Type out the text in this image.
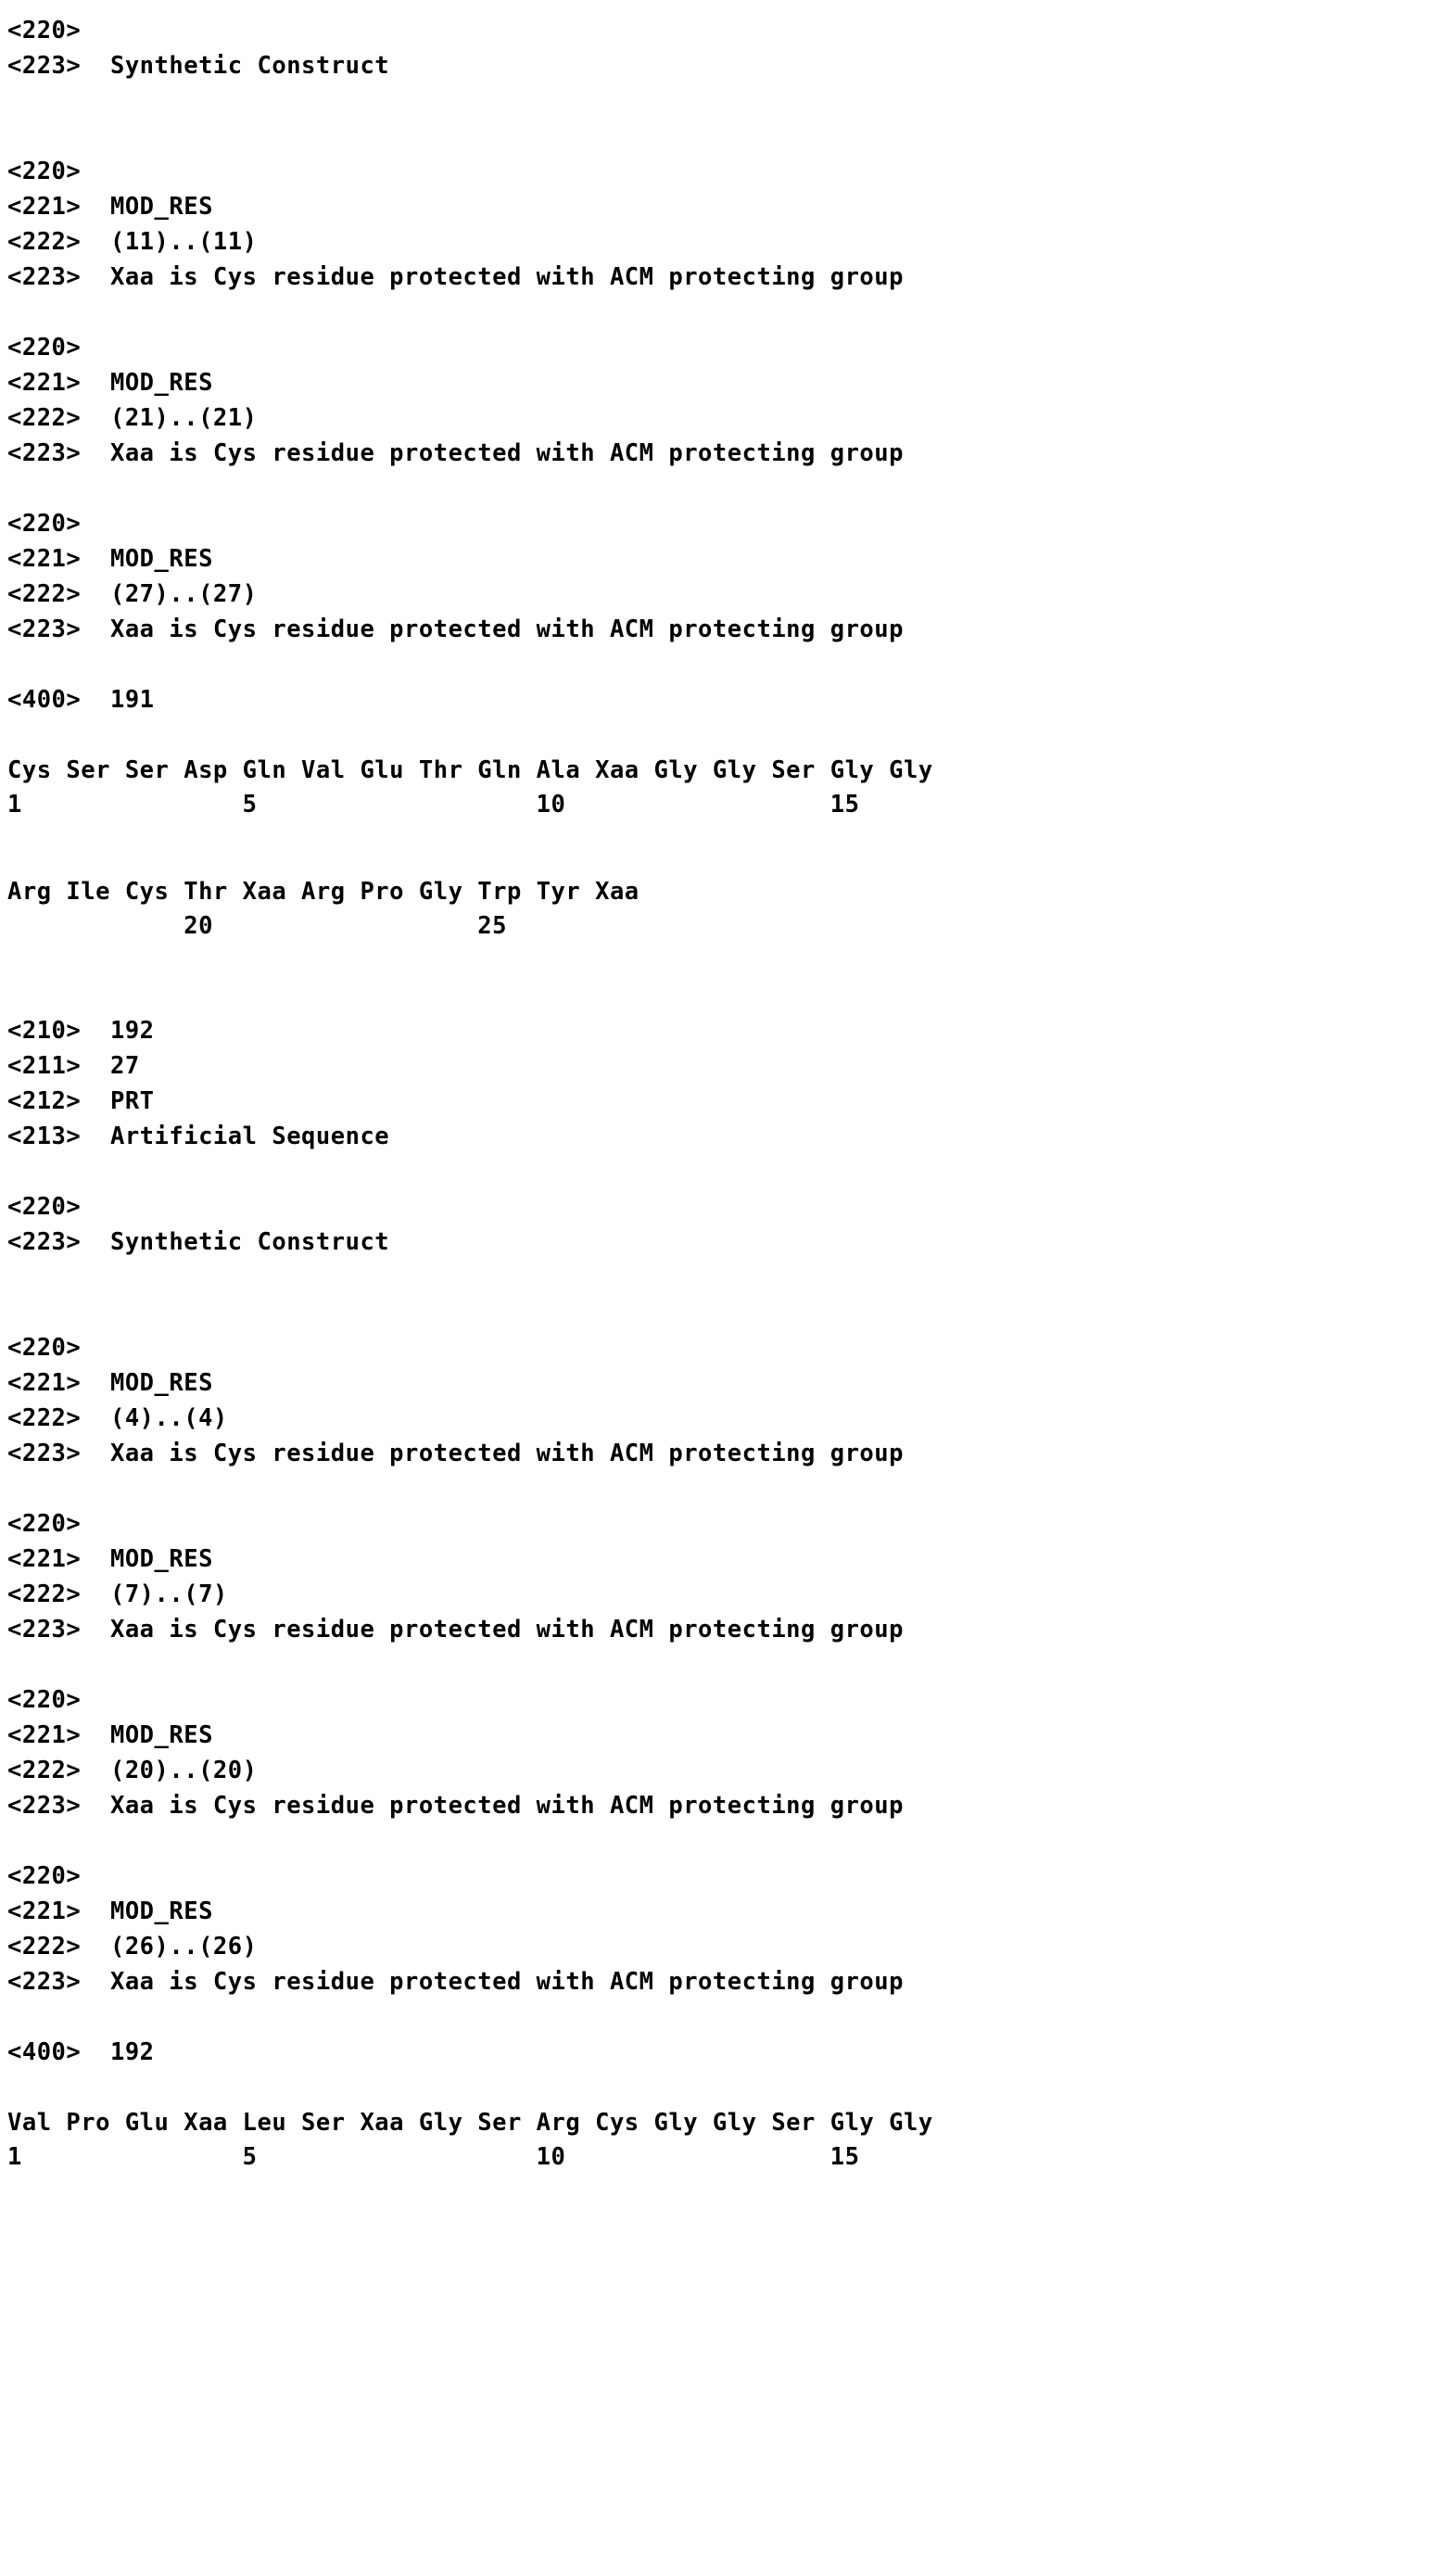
<220>
<223>  Synthetic Construct
<220>
<221>  MOD_RES
<222>  (11)..(11)
<223>  Xaa is Cys residue protected with ACM protecting group
<220>
<221>  MOD_RES
<222>  (21)..(21)
<223>  Xaa is Cys residue protected with ACM protecting group
<220>
<221>  MOD_RES
<222>  (27)..(27)
<223>  Xaa is Cys residue protected with ACM protecting group
<400>  191
Cys Ser Ser Asp Gln Val Glu Thr Gln Ala Xaa Gly Gly Ser Gly Gly
1               5                   10                  15
Arg Ile Cys Thr Xaa Arg Pro Gly Trp Tyr Xaa
20                  25
<210>  192
<211>  27
<212>  PRT
<213>  Artificial Sequence
<220>
<223>  Synthetic Construct
<220>
<221>  MOD_RES
<222>  (4)..(4)
<223>  Xaa is Cys residue protected with ACM protecting group
<220>
<221>  MOD_RES
<222>  (7)..(7)
<223>  Xaa is Cys residue protected with ACM protecting group
<220>
<221>  MOD_RES
<222>  (20)..(20)
<223>  Xaa is Cys residue protected with ACM protecting group
<220>
<221>  MOD_RES
<222>  (26)..(26)
<223>  Xaa is Cys residue protected with ACM protecting group
<400>  192
Val Pro Glu Xaa Leu Ser Xaa Gly Ser Arg Cys Gly Gly Ser Gly Gly
1               5                   10                  15
